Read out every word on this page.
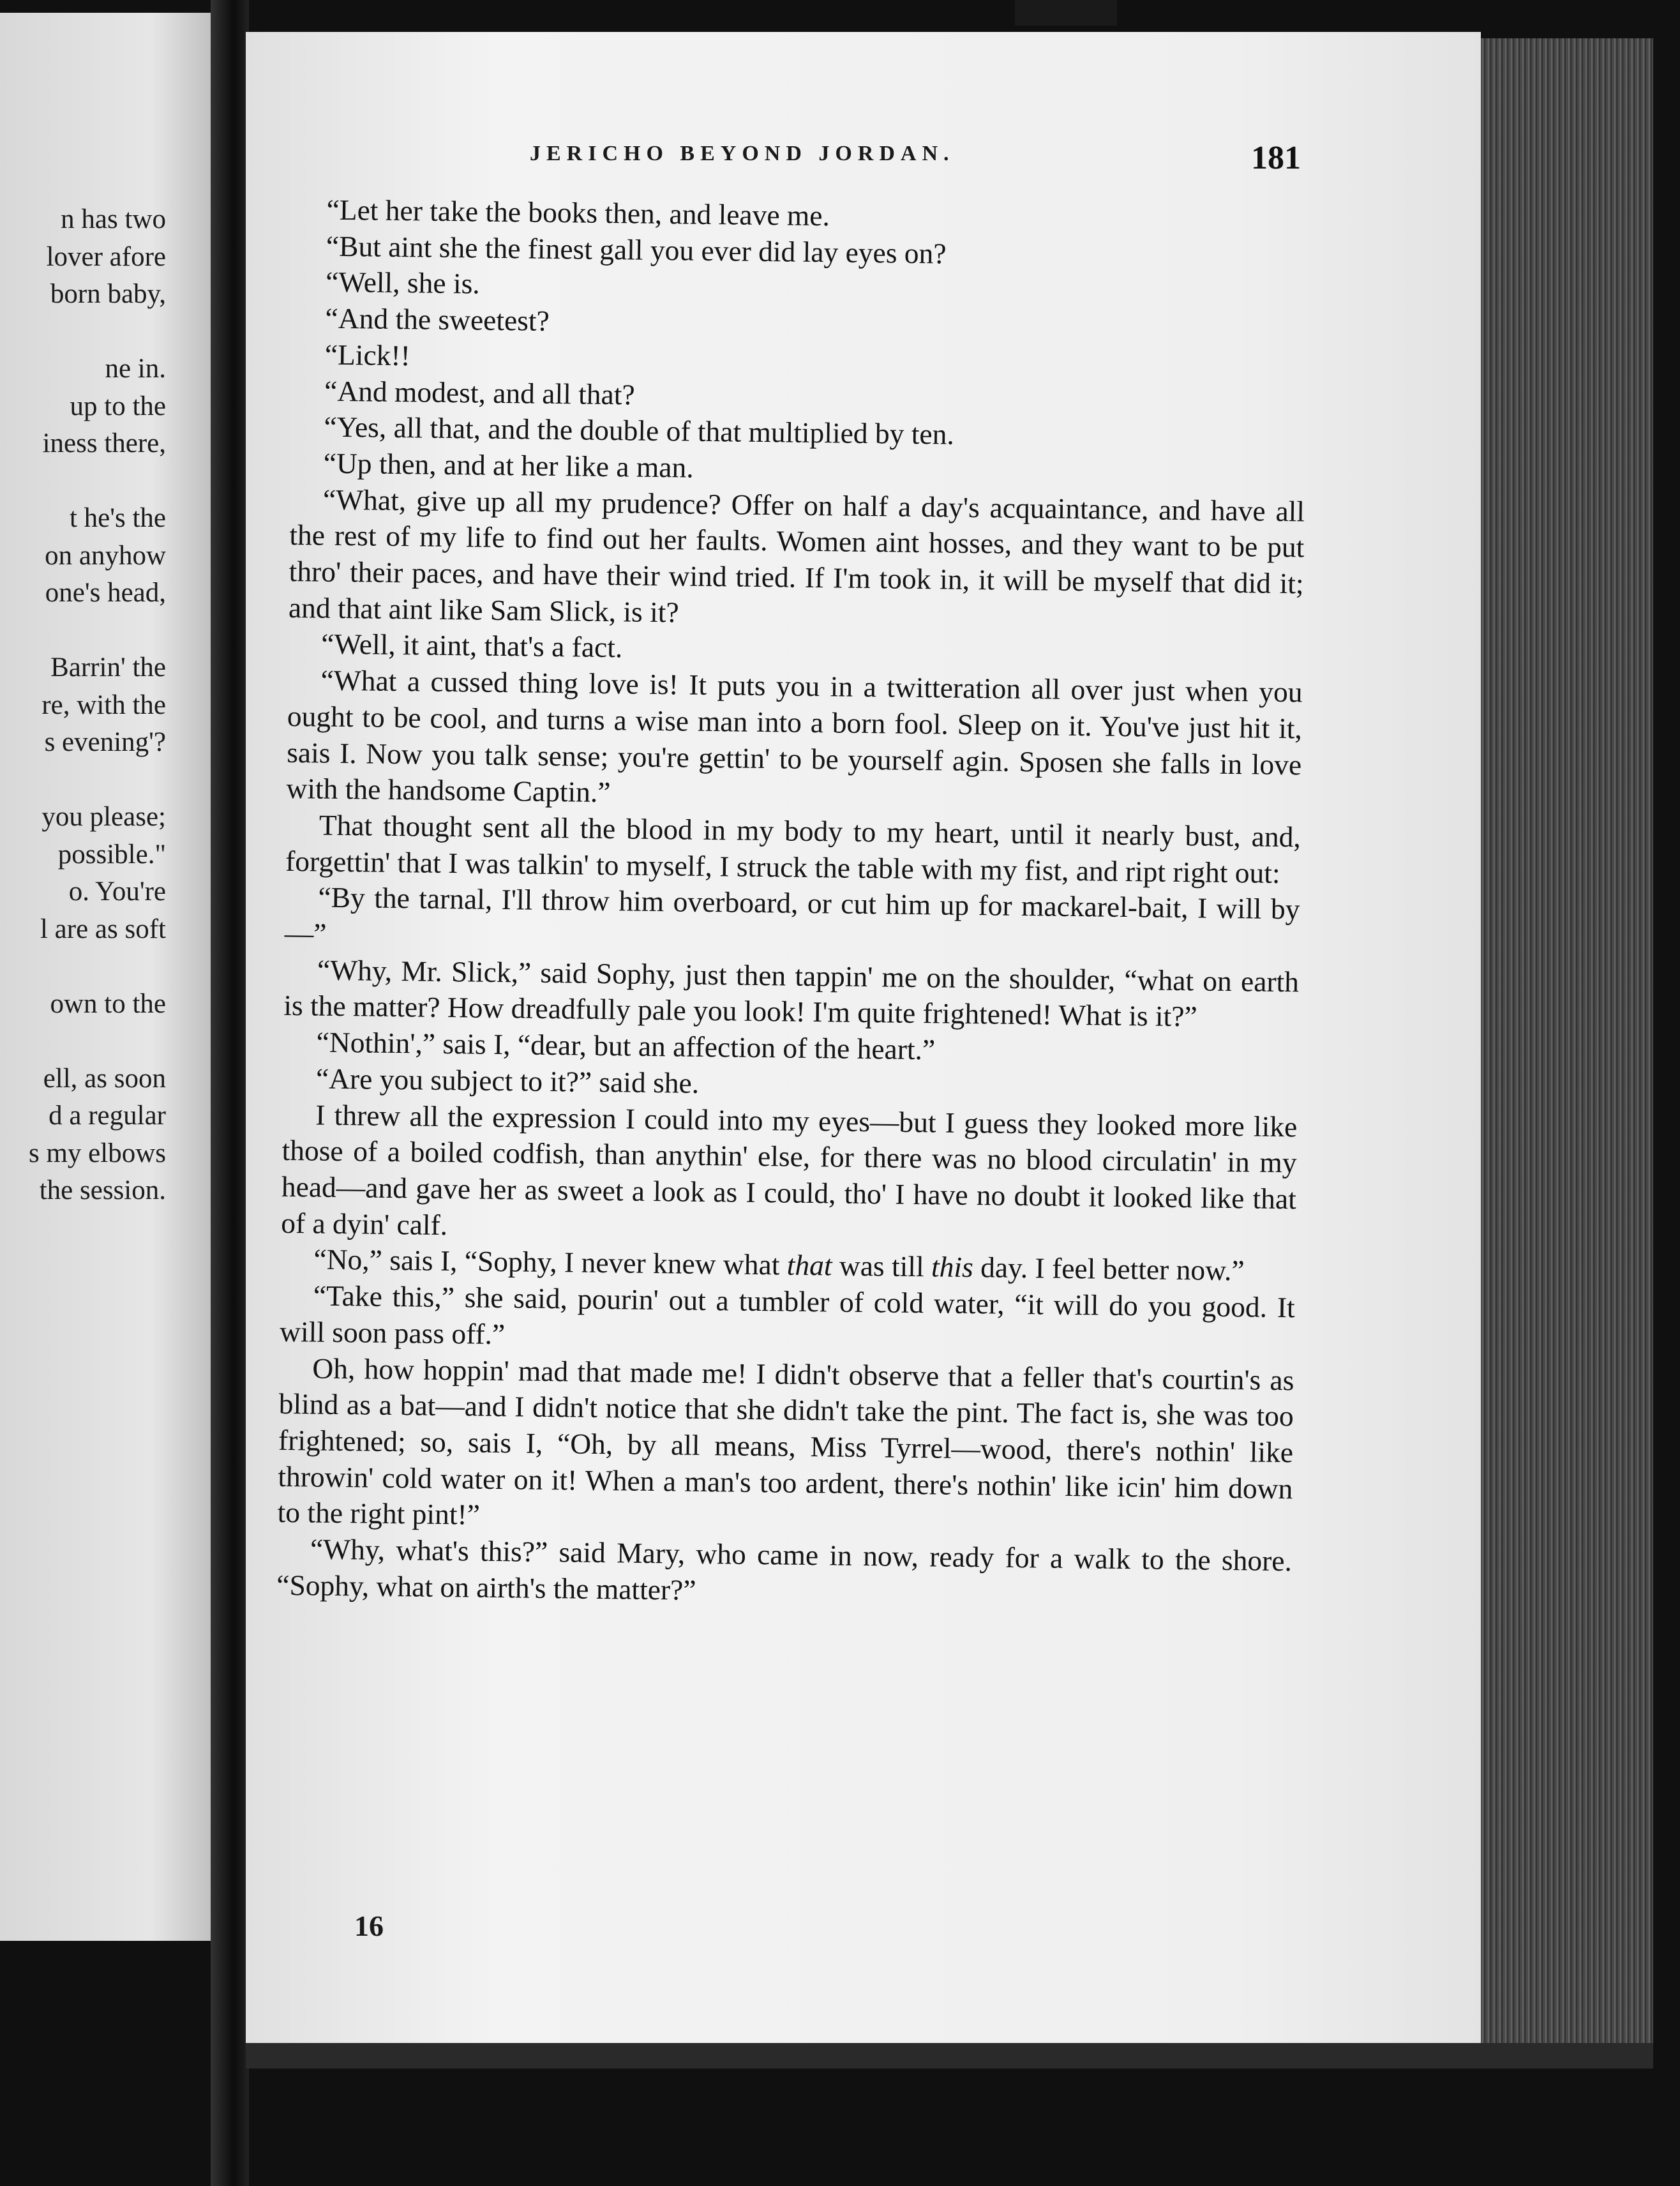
n has two
lover afore
born baby,

ne in.
up to the
iness there,

t he's the
on anyhow
one's head,

Barrin' the
re, with the
s evening'?

you please;
possible."
o. You're
l are as soft

own to the

ell, as soon
d a regular
s my elbows
the session.
JERICHO BEYOND JORDAN.	181

“Let her take the books then, and leave me.

“But aint she the finest gall you ever did lay eyes on?

“Well, she is.

“And the sweetest?

“Lick!!

“And modest, and all that?

“Yes, all that, and the double of that multiplied by ten.

“Up then, and at her like a man.

“What, give up all my prudence? Offer on half a day's acquaintance, and have all the rest of my life to find out her faults. Women aint hosses, and they want to be put thro' their paces, and have their wind tried. If I'm took in, it will be myself that did it; and that aint like Sam Slick, is it?

“Well, it aint, that's a fact.

“What a cussed thing love is! It puts you in a twitteration all over just when you ought to be cool, and turns a wise man into a born fool. Sleep on it. You've just hit it, sais I. Now you talk sense; you're gettin' to be yourself agin. Sposen she falls in love with the handsome Captin.”

That thought sent all the blood in my body to my heart, until it nearly bust, and, forgettin' that I was talkin' to myself, I struck the table with my fist, and ript right out:

“By the tarnal, I'll throw him overboard, or cut him up for mackarel-bait, I will by—”

“Why, Mr. Slick,” said Sophy, just then tappin' me on the shoulder, “what on earth is the matter? How dreadfully pale you look! I'm quite frightened! What is it?”

“Nothin',” sais I, “dear, but an affection of the heart.”

“Are you subject to it?” said she.

I threw all the expression I could into my eyes—but I guess they looked more like those of a boiled codfish, than anythin' else, for there was no blood circulatin' in my head—and gave her as sweet a look as I could, tho' I have no doubt it looked like that of a dyin' calf.

“No,” sais I, “Sophy, I never knew what that was till this day. I feel better now.”

“Take this,” she said, pourin' out a tumbler of cold water, “it will do you good. It will soon pass off.”

Oh, how hoppin' mad that made me! I didn't observe that a feller that's courtin's as blind as a bat—and I didn't notice that she didn't take the pint. The fact is, she was too frightened; so, sais I, “Oh, by all means, Miss Tyrrel—wood, there's nothin' like throwin' cold water on it! When a man's too ardent, there's nothin' like icin' him down to the right pint!”

“Why, what's this?” said Mary, who came in now, ready for a walk to the shore. “Sophy, what on airth's the matter?”

16
